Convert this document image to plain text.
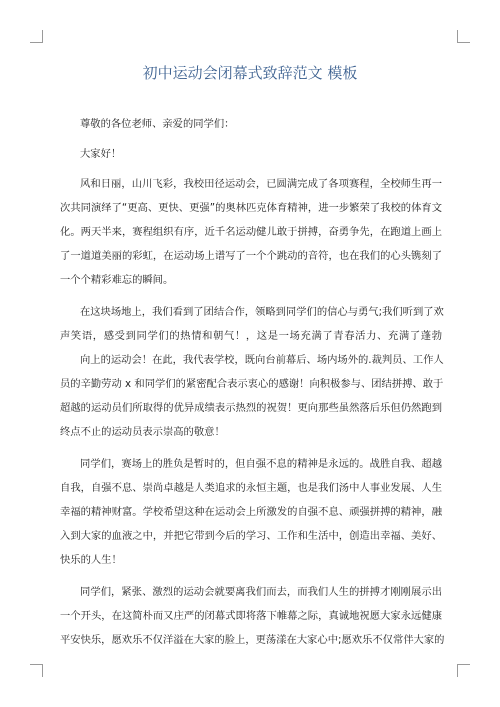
初中运动会闭幕式致辞范文 模板

尊敬的各位老师、亲爱的同学们：

大家好！

风和日丽，山川飞彩，我校田径运动会，已圆满完成了各项赛程，全校师生再一

次共同演绎了“更高、更快、更强”的奥林匹克体育精神，进一步繁荣了我校的体育文

化。两天半来，赛程组织有序，近千名运动健儿敢于拼搏，奋勇争先，在跑道上画上

了一道道美丽的彩虹，在运动场上谱写了一个个跳动的音符，也在我们的心头镌刻了

一个个精彩难忘的瞬间。

在这块场地上，我们看到了团结合作，领略到同学们的信心与勇气;我们听到了欢

声笑语，感受到同学们的热情和朝气！，这是一场充满了青春活力、充满了蓬勃

向上的运动会！在此，我代表学校，既向台前幕后、场内场外的.裁判员、工作人

员的辛勤劳动 x 和同学们的紧密配合表示衷心的感谢！向积极参与、团结拼搏、敢于

超越的运动员们所取得的优异成绩表示热烈的祝贺！更向那些虽然落后乐但仍然跑到

终点不止的运动员表示崇高的敬意！

同学们，赛场上的胜负是暂时的，但自强不息的精神是永远的。战胜自我、超越

自我，自强不息、崇尚卓越是人类追求的永恒主题，也是我们汤中人事业发展、人生

幸福的精神财富。学校希望这种在运动会上所激发的自强不息、顽强拼搏的精神，融

入到大家的血液之中，并把它带到今后的学习、工作和生活中，创造出幸福、美好、

快乐的人生！

同学们，紧张、激烈的运动会就要离我们而去，而我们人生的拼搏才刚刚展示出

一个开头，在这简朴而又庄严的闭幕式即将落下帷幕之际，真诚地祝愿大家永远健康

平安快乐，愿欢乐不仅洋溢在大家的脸上，更荡漾在大家心中;愿欢乐不仅常伴大家的
